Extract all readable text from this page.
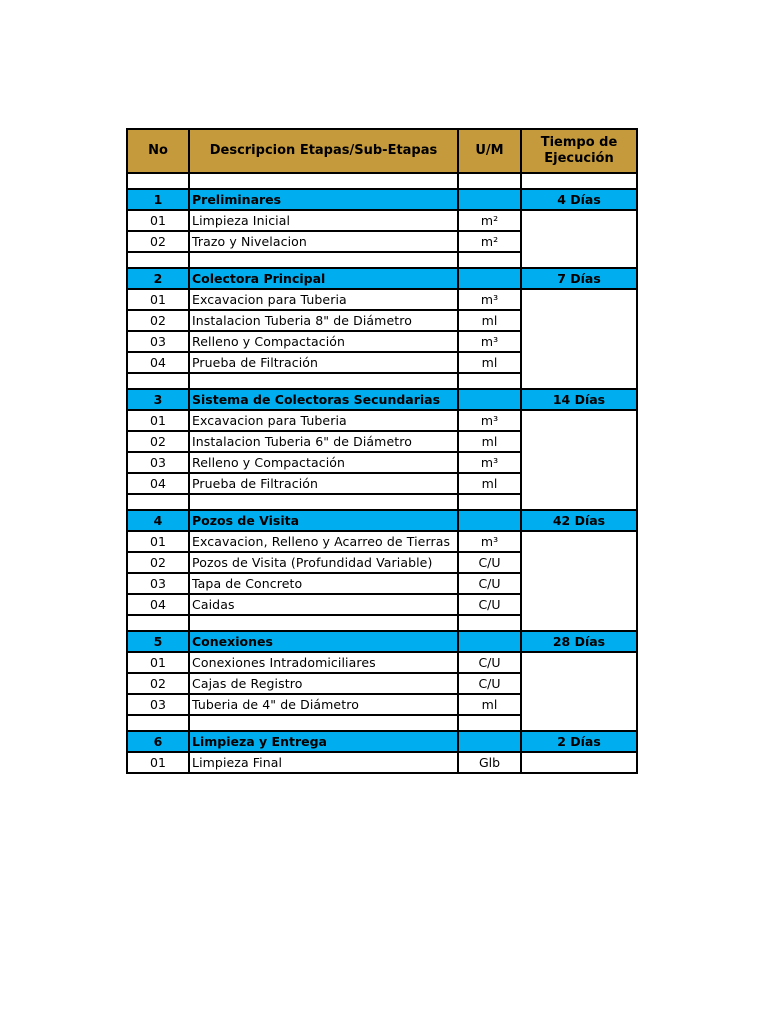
No	Descripcion Etapas/Sub-Etapas	U/M	Tiempo de Ejecución

1	Preliminares		4 Días
01	Limpieza Inicial	m²	
02	Trazo y Nivelacion	m²	

2	Colectora Principal		7 Días
01	Excavacion para Tuberia	m³	
02	Instalacion Tuberia 8" de Diámetro	ml	
03	Relleno y Compactación	m³	
04	Prueba de Filtración	ml	

3	Sistema de Colectoras Secundarias		14 Días
01	Excavacion para Tuberia	m³	
02	Instalacion Tuberia 6" de Diámetro	ml	
03	Relleno y Compactación	m³	
04	Prueba de Filtración	ml	

4	Pozos de Visita		42 Días
01	Excavacion, Relleno y Acarreo de Tierras	m³	
02	Pozos de Visita (Profundidad Variable)	C/U	
03	Tapa de Concreto	C/U	
04	Caidas	C/U	

5	Conexiones		28 Días
01	Conexiones Intradomiciliares	C/U	
02	Cajas de Registro	C/U	
03	Tuberia de 4" de Diámetro	ml	

6	Limpieza y Entrega		2 Días
01	Limpieza Final	Glb	
